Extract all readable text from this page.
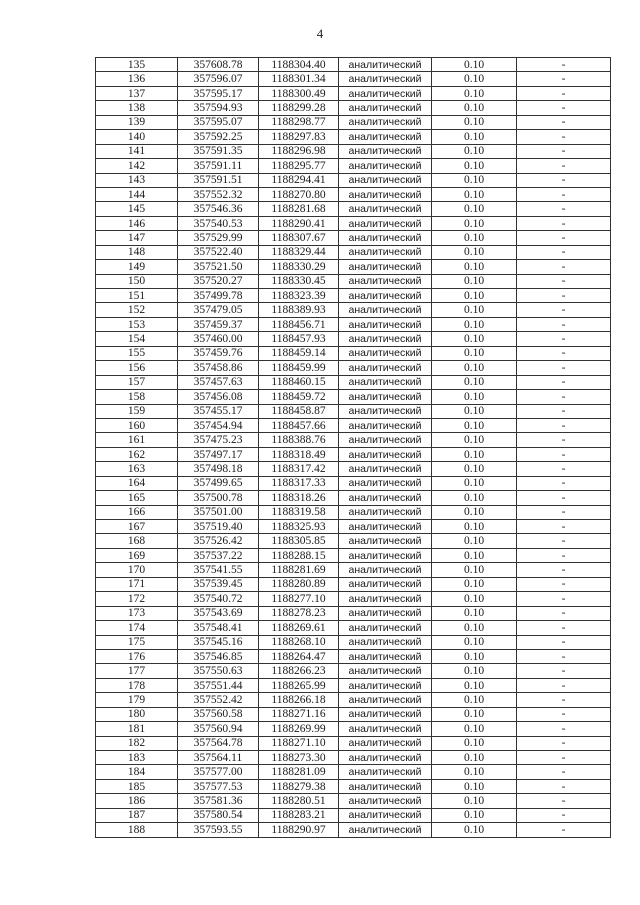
4
135	357608.78	1188304.40	аналитический	0.10	-
136	357596.07	1188301.34	аналитический	0.10	-
137	357595.17	1188300.49	аналитический	0.10	-
138	357594.93	1188299.28	аналитический	0.10	-
139	357595.07	1188298.77	аналитический	0.10	-
140	357592.25	1188297.83	аналитический	0.10	-
141	357591.35	1188296.98	аналитический	0.10	-
142	357591.11	1188295.77	аналитический	0.10	-
143	357591.51	1188294.41	аналитический	0.10	-
144	357552.32	1188270.80	аналитический	0.10	-
145	357546.36	1188281.68	аналитический	0.10	-
146	357540.53	1188290.41	аналитический	0.10	-
147	357529.99	1188307.67	аналитический	0.10	-
148	357522.40	1188329.44	аналитический	0.10	-
149	357521.50	1188330.29	аналитический	0.10	-
150	357520.27	1188330.45	аналитический	0.10	-
151	357499.78	1188323.39	аналитический	0.10	-
152	357479.05	1188389.93	аналитический	0.10	-
153	357459.37	1188456.71	аналитический	0.10	-
154	357460.00	1188457.93	аналитический	0.10	-
155	357459.76	1188459.14	аналитический	0.10	-
156	357458.86	1188459.99	аналитический	0.10	-
157	357457.63	1188460.15	аналитический	0.10	-
158	357456.08	1188459.72	аналитический	0.10	-
159	357455.17	1188458.87	аналитический	0.10	-
160	357454.94	1188457.66	аналитический	0.10	-
161	357475.23	1188388.76	аналитический	0.10	-
162	357497.17	1188318.49	аналитический	0.10	-
163	357498.18	1188317.42	аналитический	0.10	-
164	357499.65	1188317.33	аналитический	0.10	-
165	357500.78	1188318.26	аналитический	0.10	-
166	357501.00	1188319.58	аналитический	0.10	-
167	357519.40	1188325.93	аналитический	0.10	-
168	357526.42	1188305.85	аналитический	0.10	-
169	357537.22	1188288.15	аналитический	0.10	-
170	357541.55	1188281.69	аналитический	0.10	-
171	357539.45	1188280.89	аналитический	0.10	-
172	357540.72	1188277.10	аналитический	0.10	-
173	357543.69	1188278.23	аналитический	0.10	-
174	357548.41	1188269.61	аналитический	0.10	-
175	357545.16	1188268.10	аналитический	0.10	-
176	357546.85	1188264.47	аналитический	0.10	-
177	357550.63	1188266.23	аналитический	0.10	-
178	357551.44	1188265.99	аналитический	0.10	-
179	357552.42	1188266.18	аналитический	0.10	-
180	357560.58	1188271.16	аналитический	0.10	-
181	357560.94	1188269.99	аналитический	0.10	-
182	357564.78	1188271.10	аналитический	0.10	-
183	357564.11	1188273.30	аналитический	0.10	-
184	357577.00	1188281.09	аналитический	0.10	-
185	357577.53	1188279.38	аналитический	0.10	-
186	357581.36	1188280.51	аналитический	0.10	-
187	357580.54	1188283.21	аналитический	0.10	-
188	357593.55	1188290.97	аналитический	0.10	-
